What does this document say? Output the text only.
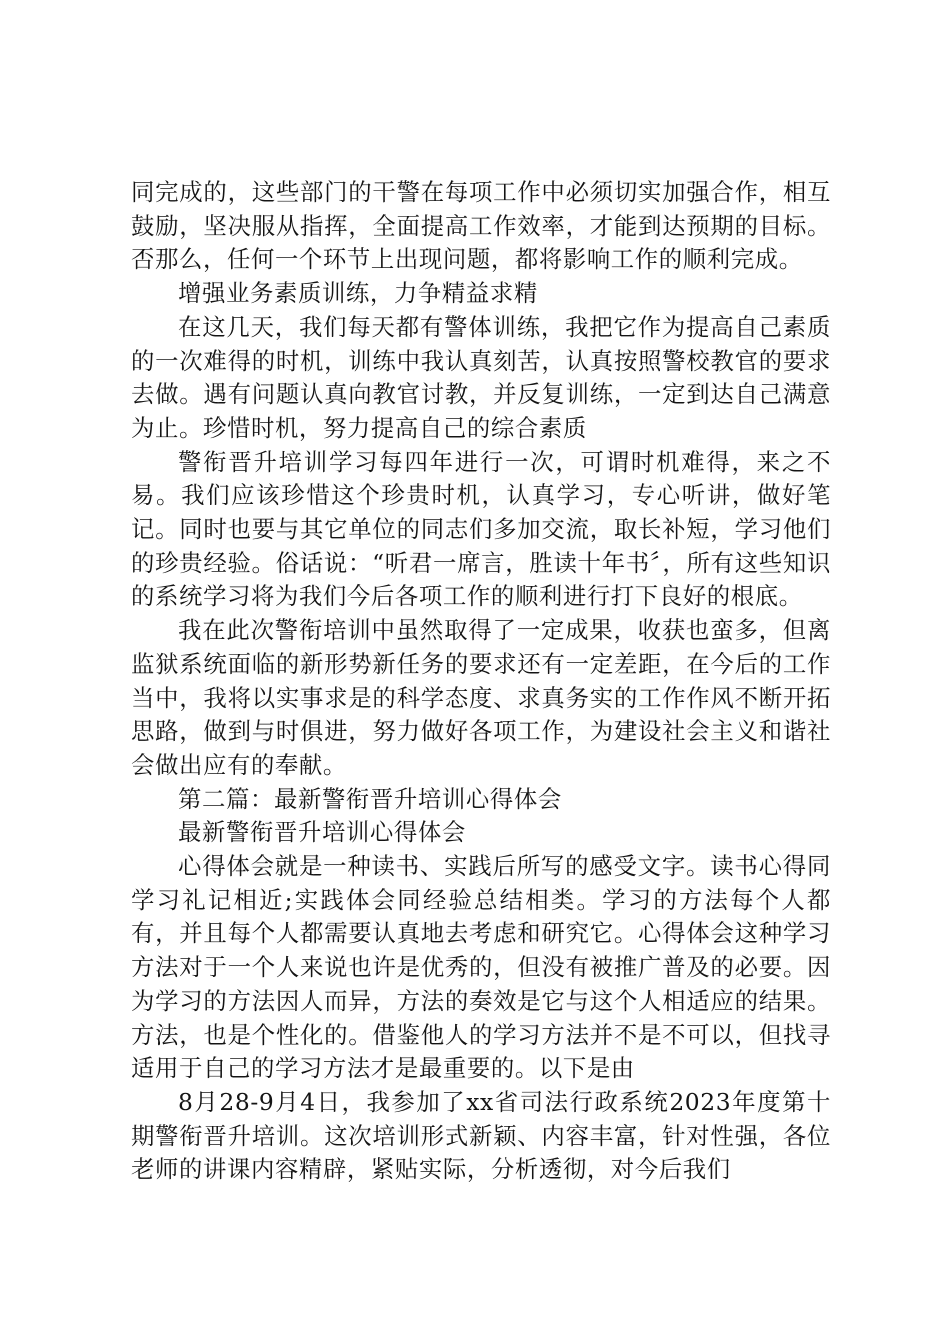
同完成的，这些部门的干警在每项工作中必须切实加强合作，相互鼓励，坚决服从指挥，全面提高工作效率，才能到达预期的目标。否那么，任何一个环节上出现问题，都将影响工作的顺利完成。

增强业务素质训练，力争精益求精

在这几天，我们每天都有警体训练，我把它作为提高自己素质的一次难得的时机，训练中我认真刻苦，认真按照警校教官的要求去做。遇有问题认真向教官讨教，并反复训练，一定到达自己满意为止。珍惜时机，努力提高自己的综合素质

警衔晋升培训学习每四年进行一次，可谓时机难得，来之不易。我们应该珍惜这个珍贵时机，认真学习，专心听讲，做好笔记。同时也要与其它单位的同志们多加交流，取长补短，学习他们的珍贵经验。俗话说：“听君一席言，胜读十年书〞，所有这些知识的系统学习将为我们今后各项工作的顺利进行打下良好的根底。

我在此次警衔培训中虽然取得了一定成果，收获也蛮多，但离监狱系统面临的新形势新任务的要求还有一定差距，在今后的工作当中，我将以实事求是的科学态度、求真务实的工作作风不断开拓思路，做到与时俱进，努力做好各项工作，为建设社会主义和谐社会做出应有的奉献。

第二篇：最新警衔晋升培训心得体会

最新警衔晋升培训心得体会

心得体会就是一种读书、实践后所写的感受文字。读书心得同学习礼记相近;实践体会同经验总结相类。学习的方法每个人都有，并且每个人都需要认真地去考虑和研究它。心得体会这种学习方法对于一个人来说也许是优秀的，但没有被推广普及的必要。因为学习的方法因人而异，方法的奏效是它与这个人相适应的结果。方法，也是个性化的。借鉴他人的学习方法并不是不可以，但找寻适用于自己的学习方法才是最重要的。以下是由

8月28-9月4日，我参加了xx省司法行政系统2023年度第十期警衔晋升培训。这次培训形式新颖、内容丰富，针对性强，各位老师的讲课内容精辟，紧贴实际，分析透彻，对今后我们
